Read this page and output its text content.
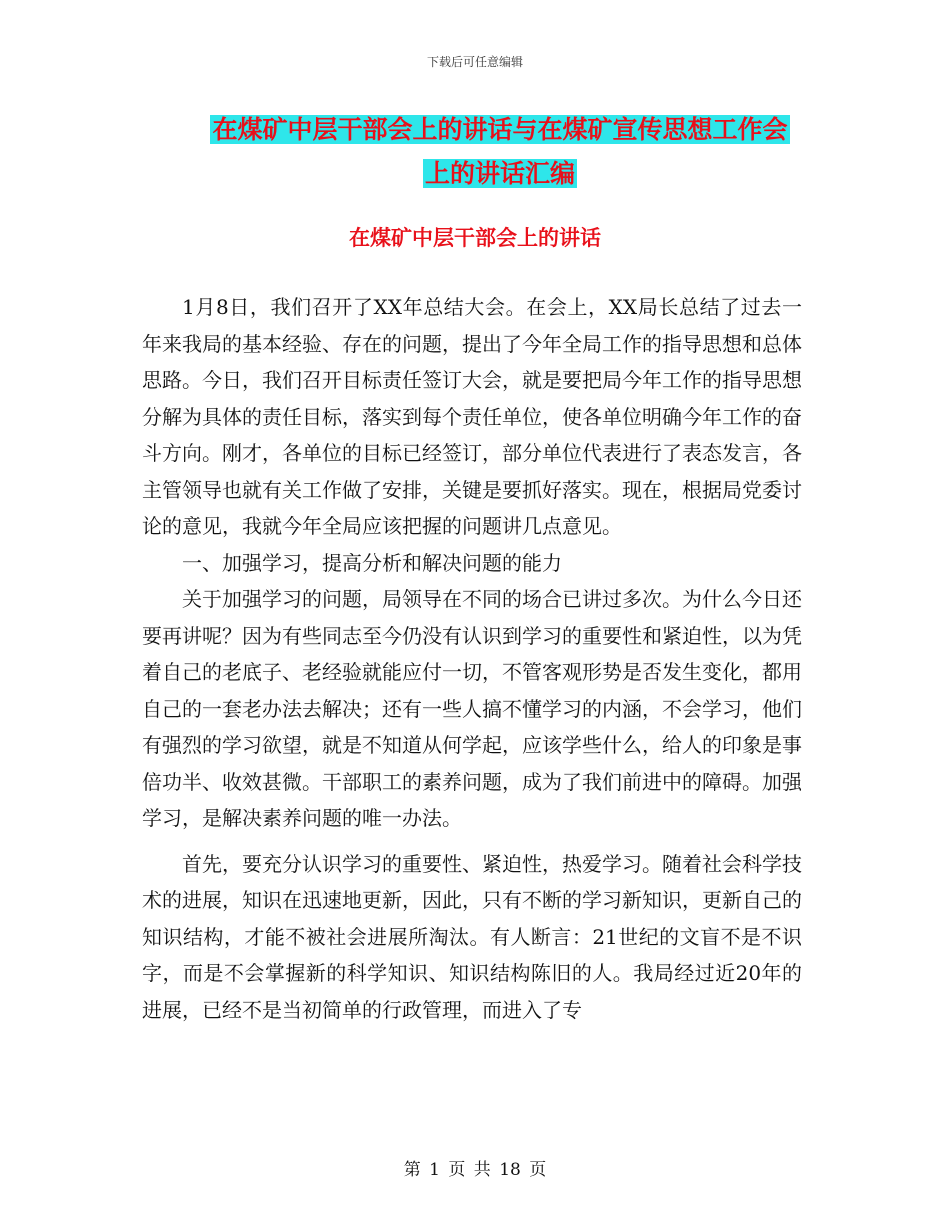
下载后可任意编辑
在煤矿中层干部会上的讲话与在煤矿宣传思想工作会
上的讲话汇编
在煤矿中层干部会上的讲话

1月8日，我们召开了XX年总结大会。在会上，XX局长总结了过去一年来我局的基本经验、存在的问题，提出了今年全局工作的指导思想和总体思路。今日，我们召开目标责任签订大会，就是要把局今年工作的指导思想分解为具体的责任目标，落实到每个责任单位，使各单位明确今年工作的奋斗方向。刚才，各单位的目标已经签订，部分单位代表进行了表态发言，各主管领导也就有关工作做了安排，关键是要抓好落实。现在，根据局党委讨论的意见，我就今年全局应该把握的问题讲几点意见。

一、加强学习，提高分析和解决问题的能力

关于加强学习的问题，局领导在不同的场合已讲过多次。为什么今日还要再讲呢？因为有些同志至今仍没有认识到学习的重要性和紧迫性，以为凭着自己的老底子、老经验就能应付一切，不管客观形势是否发生变化，都用自己的一套老办法去解决；还有一些人搞不懂学习的内涵，不会学习，他们有强烈的学习欲望，就是不知道从何学起，应该学些什么，给人的印象是事倍功半、收效甚微。干部职工的素养问题，成为了我们前进中的障碍。加强学习，是解决素养问题的唯一办法。

首先，要充分认识学习的重要性、紧迫性，热爱学习。随着社会科学技术的进展，知识在迅速地更新，因此，只有不断的学习新知识，更新自己的知识结构，才能不被社会进展所淘汰。有人断言：21世纪的文盲不是不识字，而是不会掌握新的科学知识、知识结构陈旧的人。我局经过近20年的进展，已经不是当初简单的行政管理，而进入了专

第 1 页 共 18 页
